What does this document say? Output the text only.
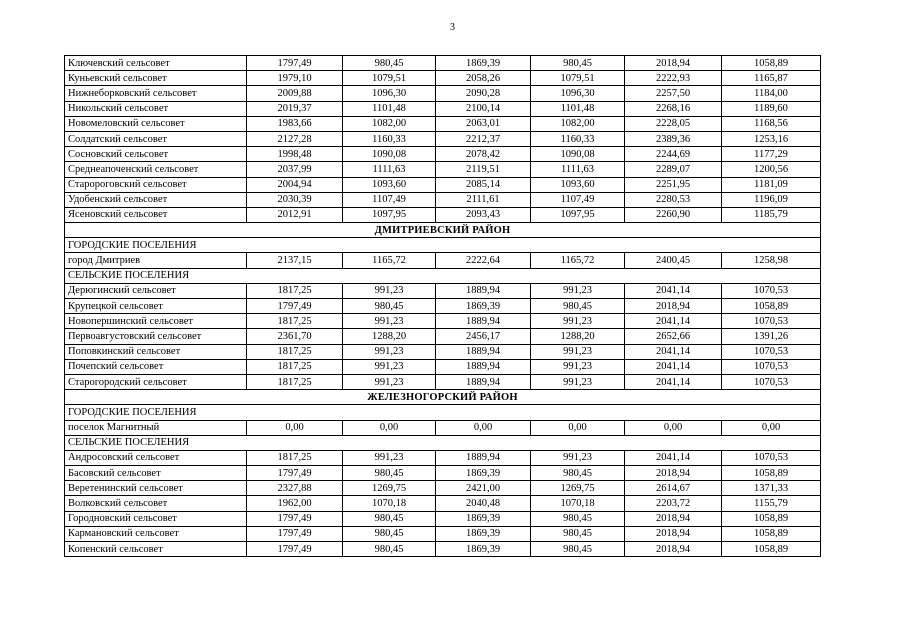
3
Ключевский сельсовет	1797,49	980,45	1869,39	980,45	2018,94	1058,89
Куньевский сельсовет	1979,10	1079,51	2058,26	1079,51	2222,93	1165,87
Нижнеборковский сельсовет	2009,88	1096,30	2090,28	1096,30	2257,50	1184,00
Никольский сельсовет	2019,37	1101,48	2100,14	1101,48	2268,16	1189,60
Новомеловский сельсовет	1983,66	1082,00	2063,01	1082,00	2228,05	1168,56
Солдатский сельсовет	2127,28	1160,33	2212,37	1160,33	2389,36	1253,16
Сосновский сельсовет	1998,48	1090,08	2078,42	1090,08	2244,69	1177,29
Среднеапоченский сельсовет	2037,99	1111,63	2119,51	1111,63	2289,07	1200,56
Старороговский сельсовет	2004,94	1093,60	2085,14	1093,60	2251,95	1181,09
Удобенский сельсовет	2030,39	1107,49	2111,61	1107,49	2280,53	1196,09
Ясеновский сельсовет	2012,91	1097,95	2093,43	1097,95	2260,90	1185,79
ДМИТРИЕВСКИЙ РАЙОН						
ГОРОДСКИЕ ПОСЕЛЕНИЯ						
город Дмитриев	2137,15	1165,72	2222,64	1165,72	2400,45	1258,98
СЕЛЬСКИЕ ПОСЕЛЕНИЯ						
Дерюгинский сельсовет	1817,25	991,23	1889,94	991,23	2041,14	1070,53
Крупецкой сельсовет	1797,49	980,45	1869,39	980,45	2018,94	1058,89
Новопершинский сельсовет	1817,25	991,23	1889,94	991,23	2041,14	1070,53
Первоавгустовский сельсовет	2361,70	1288,20	2456,17	1288,20	2652,66	1391,26
Поповкинский сельсовет	1817,25	991,23	1889,94	991,23	2041,14	1070,53
Почепский сельсовет	1817,25	991,23	1889,94	991,23	2041,14	1070,53
Старогородский сельсовет	1817,25	991,23	1889,94	991,23	2041,14	1070,53
ЖЕЛЕЗНОГОРСКИЙ РАЙОН						
ГОРОДСКИЕ ПОСЕЛЕНИЯ						
поселок Магнитный	0,00	0,00	0,00	0,00	0,00	0,00
СЕЛЬСКИЕ ПОСЕЛЕНИЯ						
Андросовский сельсовет	1817,25	991,23	1889,94	991,23	2041,14	1070,53
Басовский сельсовет	1797,49	980,45	1869,39	980,45	2018,94	1058,89
Веретенинский сельсовет	2327,88	1269,75	2421,00	1269,75	2614,67	1371,33
Волковский сельсовет	1962,00	1070,18	2040,48	1070,18	2203,72	1155,79
Городновский сельсовет	1797,49	980,45	1869,39	980,45	2018,94	1058,89
Кармановский сельсовет	1797,49	980,45	1869,39	980,45	2018,94	1058,89
Копенский сельсовет	1797,49	980,45	1869,39	980,45	2018,94	1058,89
